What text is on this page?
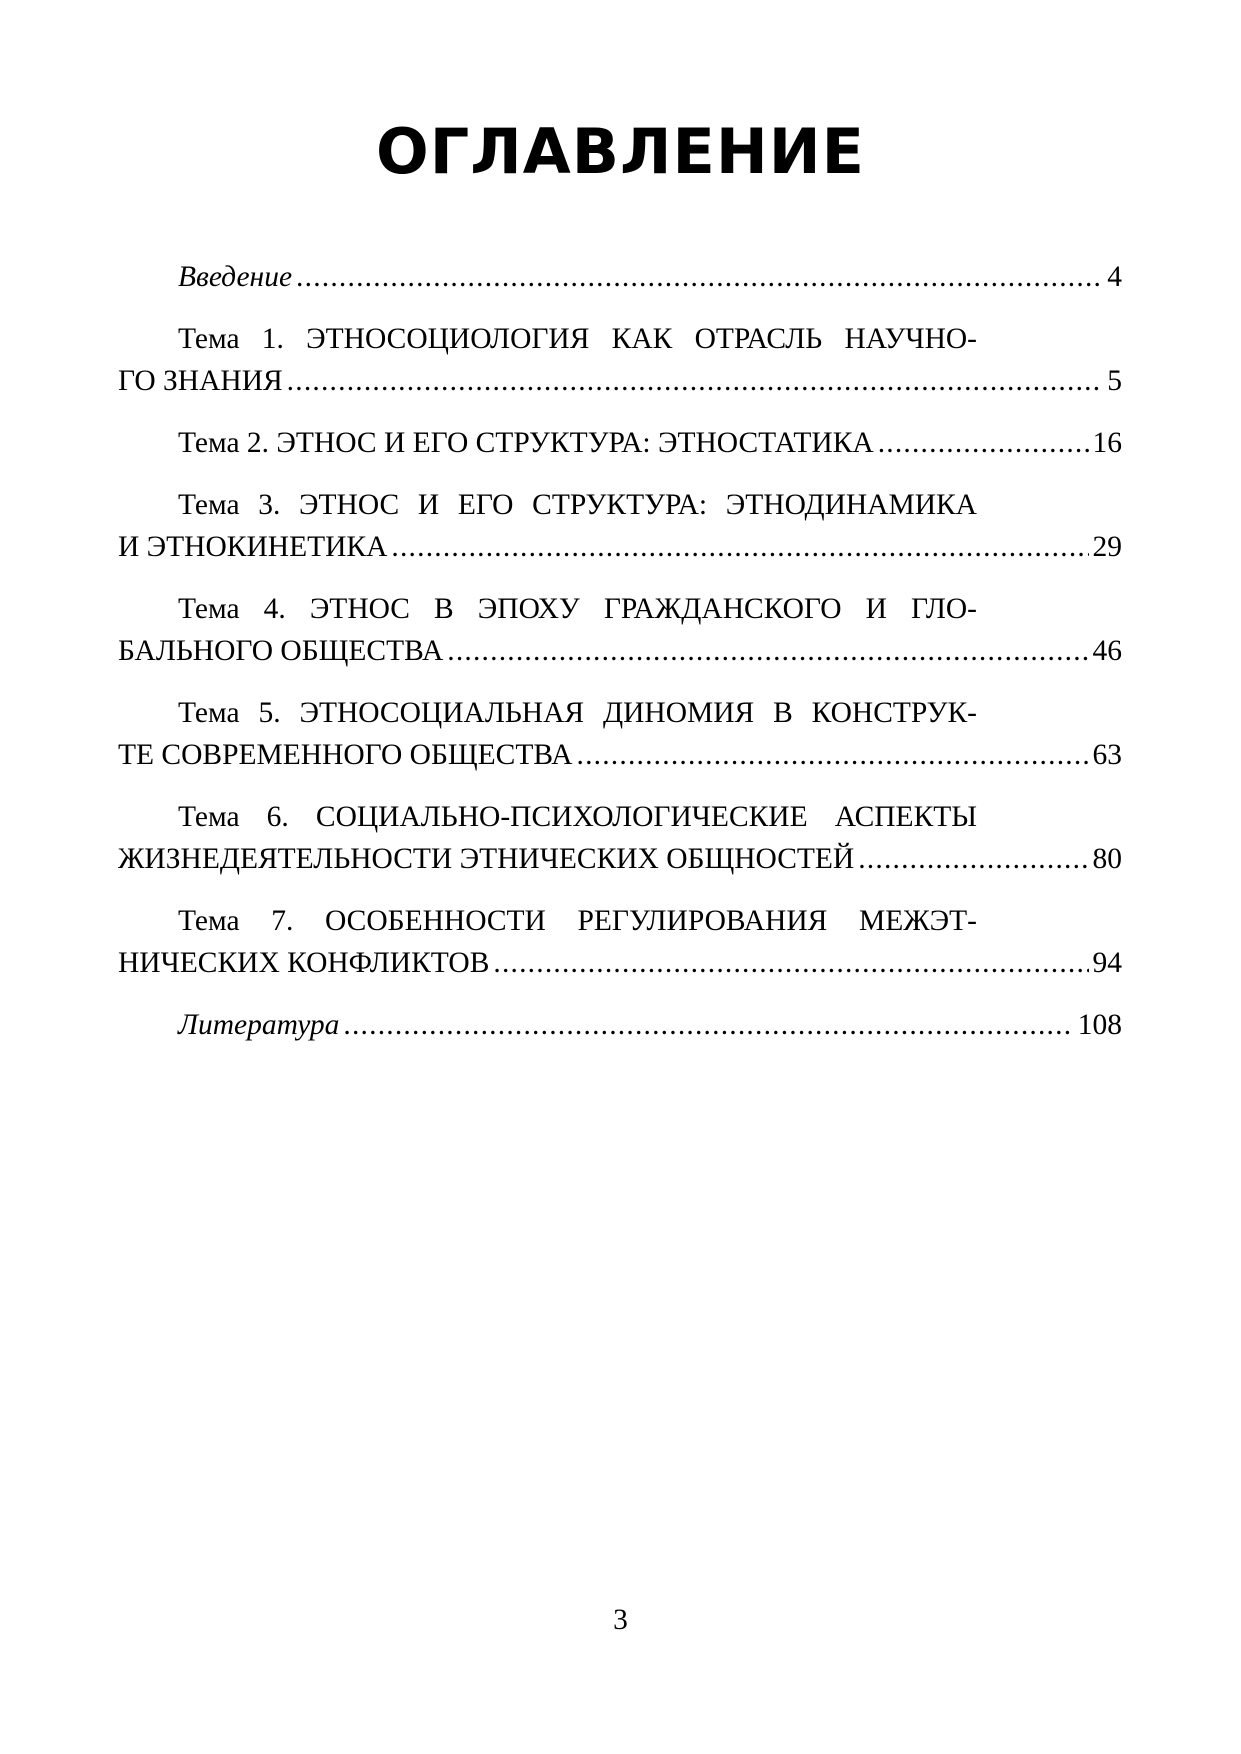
ОГЛАВЛЕНИЕ
Введение .....	4
Тема 1. ЭТНОСОЦИОЛОГИЯ КАК ОТРАСЛЬ НАУЧНО-
ГО ЗНАНИЯ .....	5
Тема 2. ЭТНОС И ЕГО СТРУКТУРА: ЭТНОСТАТИКА .....	16
Тема 3. ЭТНОС И ЕГО СТРУКТУРА: ЭТНОДИНАМИКА
И ЭТНОКИНЕТИКА .....	29
Тема 4. ЭТНОС В ЭПОХУ ГРАЖДАНСКОГО И ГЛО-
БАЛЬНОГО ОБЩЕСТВА .....	46
Тема 5. ЭТНОСОЦИАЛЬНАЯ ДИНОМИЯ В КОНСТРУК-
ТЕ СОВРЕМЕННОГО ОБЩЕСТВА .....	63
Тема 6. СОЦИАЛЬНО-ПСИХОЛОГИЧЕСКИЕ АСПЕКТЫ
ЖИЗНЕДЕЯТЕЛЬНОСТИ ЭТНИЧЕСКИХ ОБЩНОСТЕЙ .....	80
Тема 7. ОСОБЕННОСТИ РЕГУЛИРОВАНИЯ МЕЖЭТ-
НИЧЕСКИХ КОНФЛИКТОВ .....	94
Литература .....	108
3
